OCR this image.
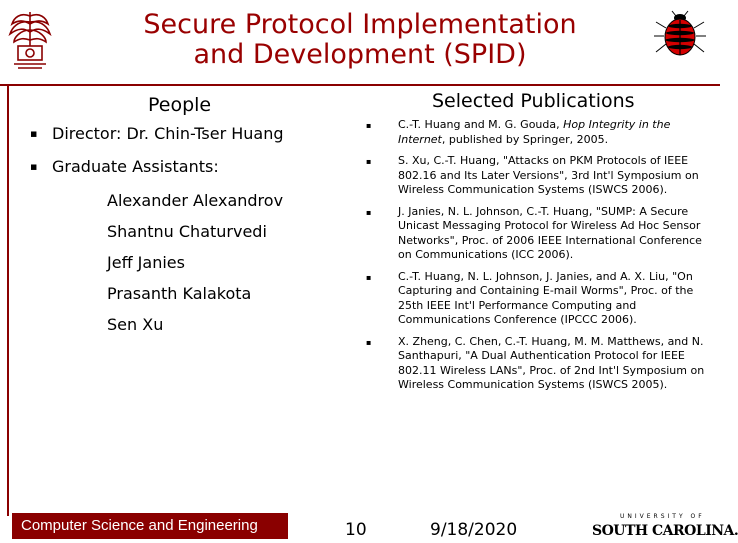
Secure Protocol Implementation
and Development (SPID)
People	Selected Publications
▪ Director: Dr. Chin-Tser Huang
▪ Graduate Assistants:
Alexander Alexandrov
Shantnu Chaturvedi
Jeff Janies
Prasanth Kalakota
Sen Xu
▪ C.-T. Huang and M. G. Gouda, Hop Integrity in the Internet, published by Springer, 2005.
▪ S. Xu, C.-T. Huang, "Attacks on PKM Protocols of IEEE 802.16 and Its Later Versions", 3rd Int'l Symposium on Wireless Communication Systems (ISWCS 2006).
▪ J. Janies, N. L. Johnson, C.-T. Huang, "SUMP: A Secure Unicast Messaging Protocol for Wireless Ad Hoc Sensor Networks", Proc. of 2006 IEEE International Conference on Communications (ICC 2006).
▪ C.-T. Huang, N. L. Johnson, J. Janies, and A. X. Liu, "On Capturing and Containing E-mail Worms", Proc. of the 25th IEEE Int'l Performance Computing and Communications Conference (IPCCC 2006).
▪ X. Zheng, C. Chen, C.-T. Huang, M. M. Matthews, and N. Santhapuri, "A Dual Authentication Protocol for IEEE 802.11 Wireless LANs", Proc. of 2nd Int'l Symposium on Wireless Communication Systems (ISWCS 2005).
Computer Science and Engineering	10	9/18/2020
UNIVERSITY OF
SOUTH CAROLINA.
